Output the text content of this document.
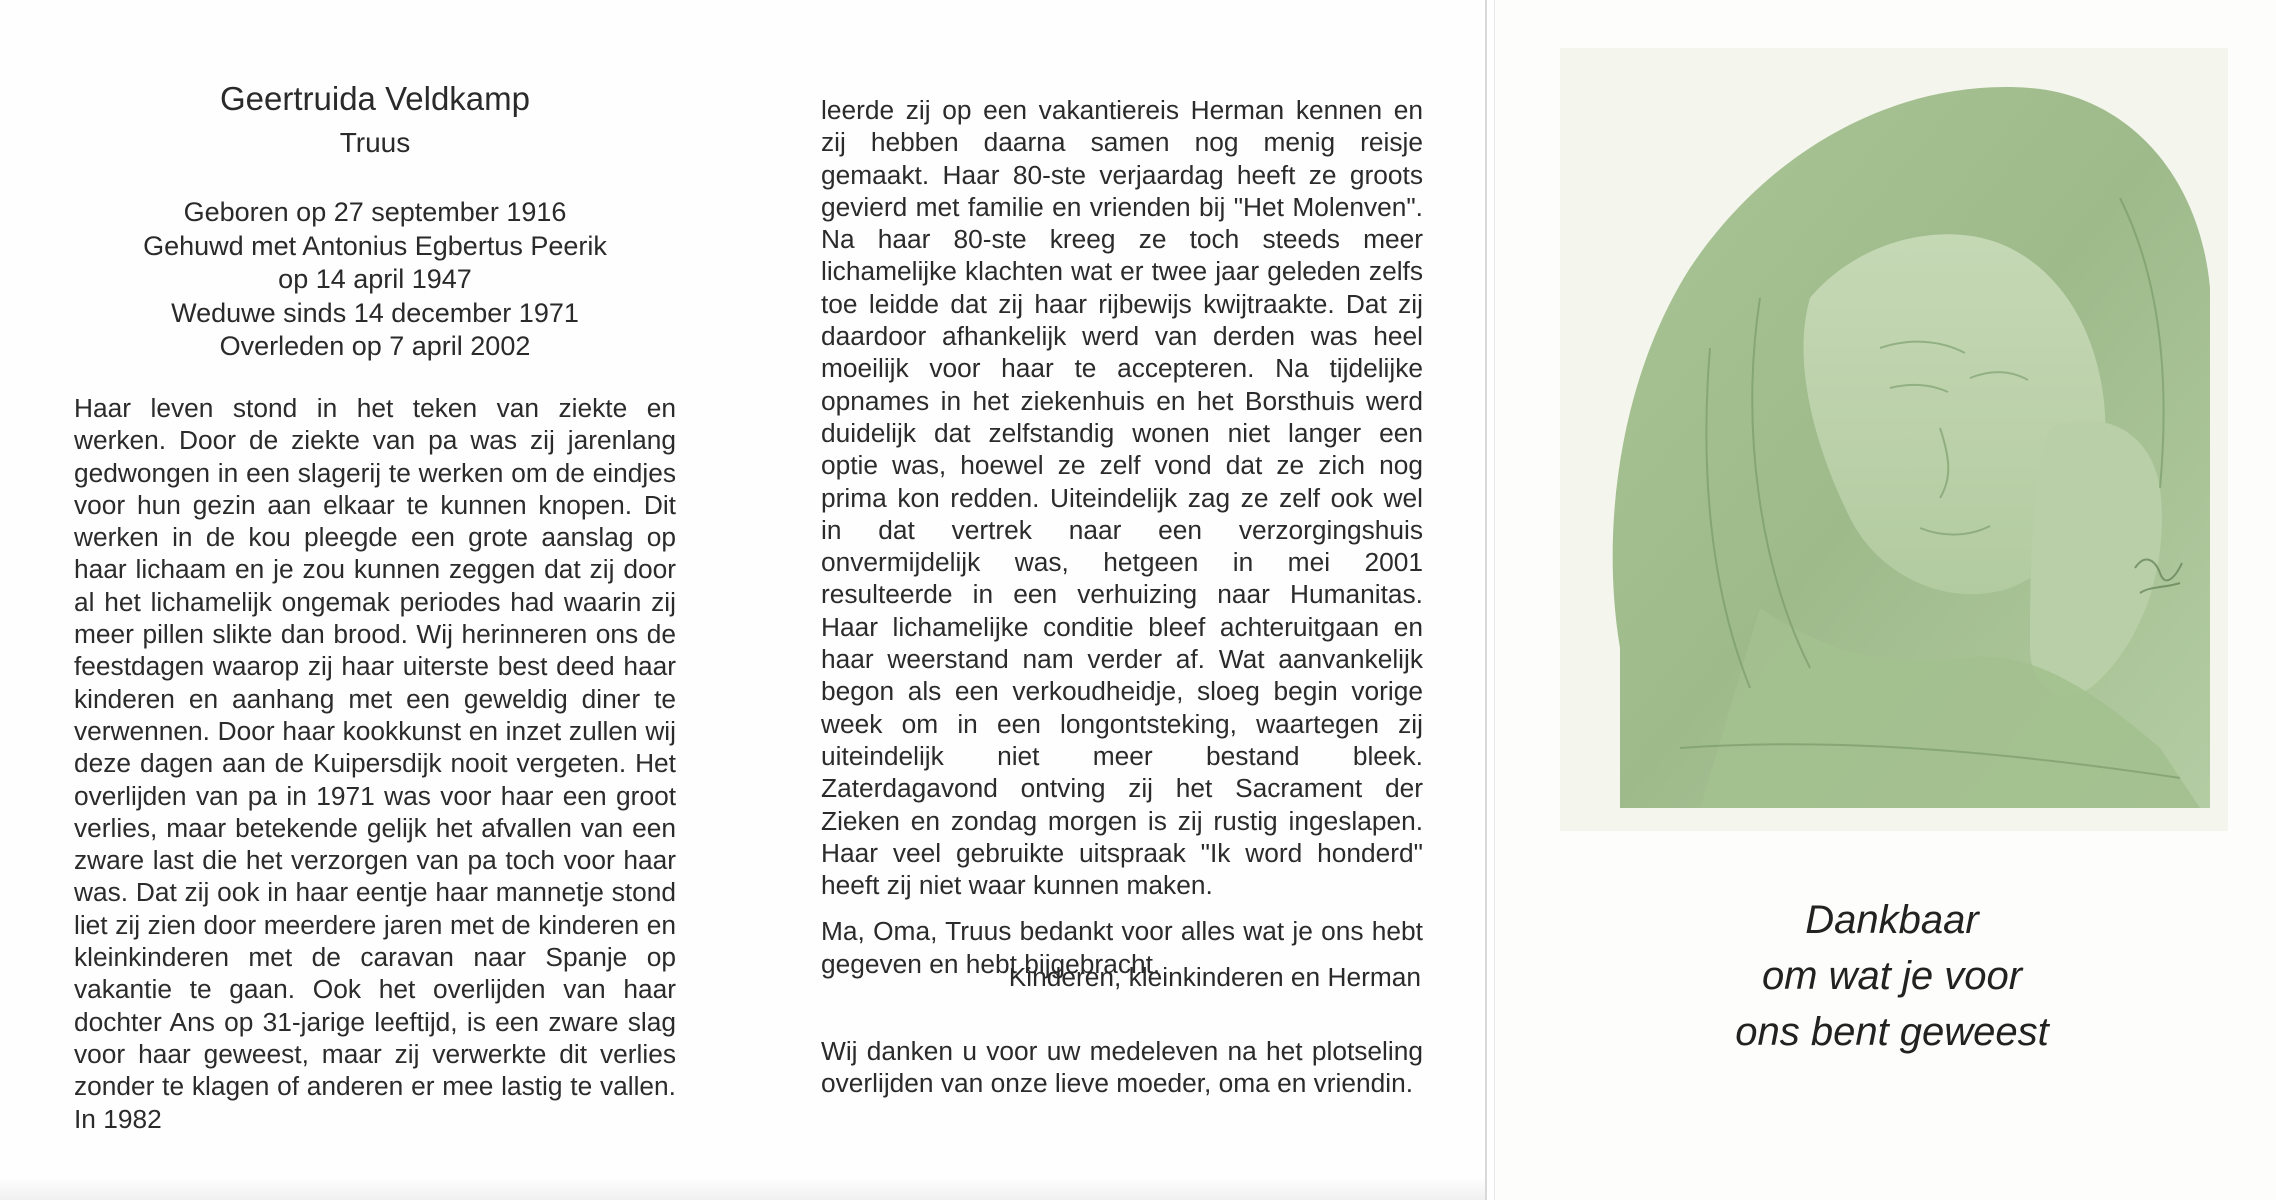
Geertruida Veldkamp
Truus
Geboren op 27 september 1916
Gehuwd met Antonius Egbertus Peerik
op 14 april 1947
Weduwe sinds 14 december 1971
Overleden op 7 april 2002

Haar leven stond in het teken van ziekte en werken. Door de ziekte van pa was zij jarenlang gedwongen in een slagerij te werken om de eindjes voor hun gezin aan elkaar te kunnen knopen. Dit werken in de kou pleegde een grote aanslag op haar lichaam en je zou kunnen zeggen dat zij door al het lichamelijk ongemak periodes had waarin zij meer pillen slikte dan brood. Wij herinneren ons de feestdagen waarop zij haar uiterste best deed haar kinderen en aanhang met een geweldig diner te verwennen. Door haar kookkunst en inzet zullen wij deze dagen aan de Kuipersdijk nooit vergeten. Het overlijden van pa in 1971 was voor haar een groot verlies, maar betekende gelijk het afvallen van een zware last die het verzorgen van pa toch voor haar was. Dat zij ook in haar eentje haar mannetje stond liet zij zien door meerdere jaren met de kinderen en kleinkinderen met de caravan naar Spanje op vakantie te gaan. Ook het overlijden van haar dochter Ans op 31-jarige leeftijd, is een zware slag voor haar geweest, maar zij verwerkte dit verlies zonder te klagen of anderen er mee lastig te vallen. In 1982

leerde zij op een vakantiereis Herman kennen en zij hebben daarna samen nog menig reisje gemaakt. Haar 80-ste verjaardag heeft ze groots gevierd met familie en vrienden bij "Het Molenven". Na haar 80-ste kreeg ze toch steeds meer lichamelijke klachten wat er twee jaar geleden zelfs toe leidde dat zij haar rijbewijs kwijtraakte. Dat zij daardoor afhankelijk werd van derden was heel moeilijk voor haar te accepteren. Na tijdelijke opnames in het ziekenhuis en het Borsthuis werd duidelijk dat zelfstandig wonen niet langer een optie was, hoewel ze zelf vond dat ze zich nog prima kon redden. Uiteindelijk zag ze zelf ook wel in dat vertrek naar een verzorgingshuis onvermijdelijk was, hetgeen in mei 2001 resulteerde in een verhuizing naar Humanitas. Haar lichamelijke conditie bleef achteruitgaan en haar weerstand nam verder af. Wat aanvankelijk begon als een verkoudheidje, sloeg begin vorige week om in een longontsteking, waartegen zij uiteindelijk niet meer bestand bleek. Zaterdagavond ontving zij het Sacrament der Zieken en zondag morgen is zij rustig ingeslapen. Haar veel gebruikte uitspraak "Ik word honderd" heeft zij niet waar kunnen maken.

Ma, Oma, Truus bedankt voor alles wat je ons hebt gegeven en hebt bijgebracht.

Kinderen, kleinkinderen en Herman
Wij danken u voor uw medeleven na het plotseling overlijden van onze lieve moeder, oma en vriendin.
Dankbaar
om wat je voor
ons bent geweest
